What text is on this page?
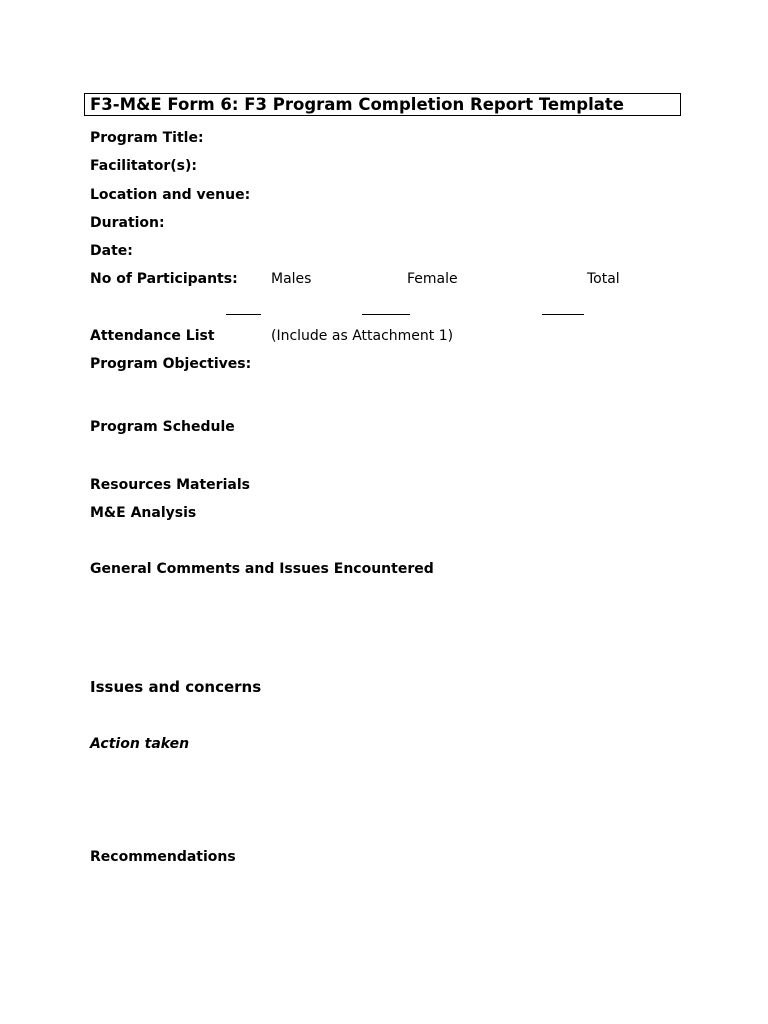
F3-M&E Form 6: F3 Program Completion Report Template
Program Title:
Facilitator(s):
Location and venue:
Duration:
Date:
No of Participants: Males	Female	Total
Attendance List	(Include as Attachment 1)
Program Objectives:
Program Schedule
Resources Materials
M&E Analysis
General Comments and Issues Encountered
Issues and concerns
Action taken
Recommendations
